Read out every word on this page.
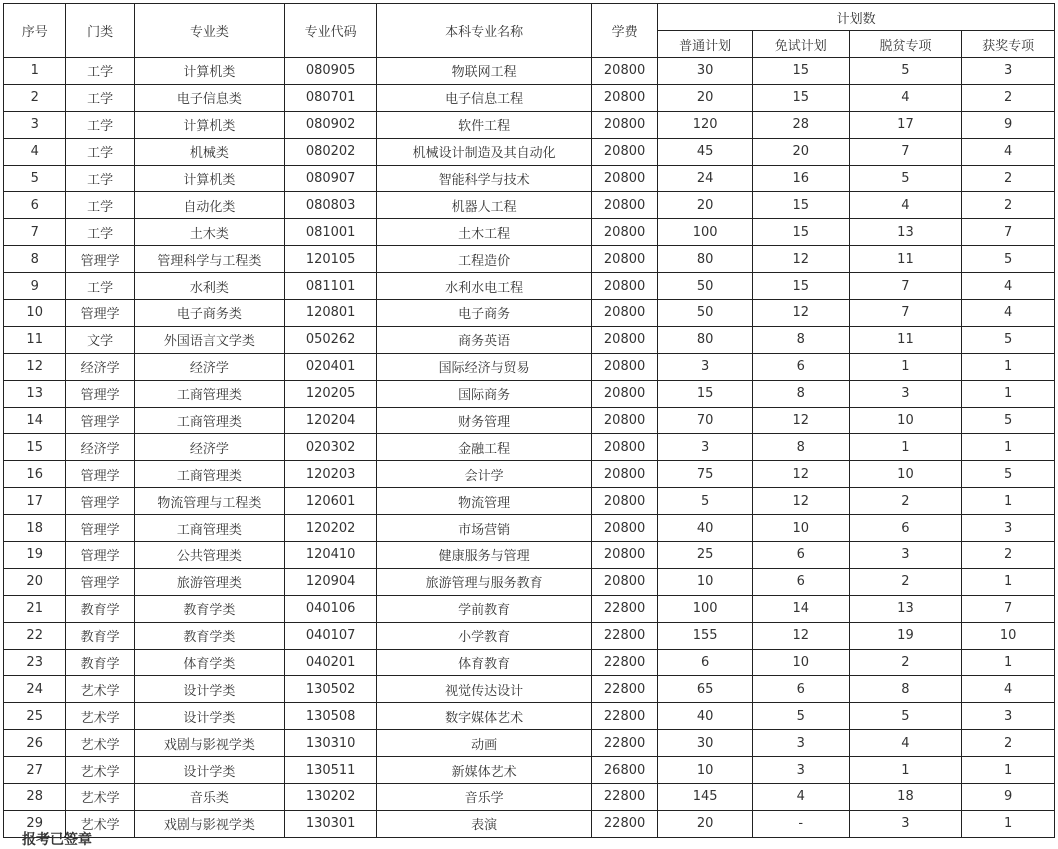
序号	门类	专业类	专业代码	本科专业名称	学费	计划数			
						普通计划	免试计划	脱贫专项	获奖专项
1	工学	计算机类	080905	物联网工程	20800	30	15	5	3
2	工学	电子信息类	080701	电子信息工程	20800	20	15	4	2
3	工学	计算机类	080902	软件工程	20800	120	28	17	9
4	工学	机械类	080202	机械设计制造及其自动化	20800	45	20	7	4
5	工学	计算机类	080907	智能科学与技术	20800	24	16	5	2
6	工学	自动化类	080803	机器人工程	20800	20	15	4	2
7	工学	土木类	081001	土木工程	20800	100	15	13	7
8	管理学	管理科学与工程类	120105	工程造价	20800	80	12	11	5
9	工学	水利类	081101	水利水电工程	20800	50	15	7	4
10	管理学	电子商务类	120801	电子商务	20800	50	12	7	4
11	文学	外国语言文学类	050262	商务英语	20800	80	8	11	5
12	经济学	经济学	020401	国际经济与贸易	20800	3	6	1	1
13	管理学	工商管理类	120205	国际商务	20800	15	8	3	1
14	管理学	工商管理类	120204	财务管理	20800	70	12	10	5
15	经济学	经济学	020302	金融工程	20800	3	8	1	1
16	管理学	工商管理类	120203	会计学	20800	75	12	10	5
17	管理学	物流管理与工程类	120601	物流管理	20800	5	12	2	1
18	管理学	工商管理类	120202	市场营销	20800	40	10	6	3
19	管理学	公共管理类	120410	健康服务与管理	20800	25	6	3	2
20	管理学	旅游管理类	120904	旅游管理与服务教育	20800	10	6	2	1
21	教育学	教育学类	040106	学前教育	22800	100	14	13	7
22	教育学	教育学类	040107	小学教育	22800	155	12	19	10
23	教育学	体育学类	040201	体育教育	22800	6	10	2	1
24	艺术学	设计学类	130502	视觉传达设计	22800	65	6	8	4
25	艺术学	设计学类	130508	数字媒体艺术	22800	40	5	5	3
26	艺术学	戏剧与影视学类	130310	动画	22800	30	3	4	2
27	艺术学	设计学类	130511	新媒体艺术	26800	10	3	1	1
28	艺术学	音乐类	130202	音乐学	22800	145	4	18	9
29	艺术学	戏剧与影视学类	130301	表演	22800	20	-	3	1
报考已签章
